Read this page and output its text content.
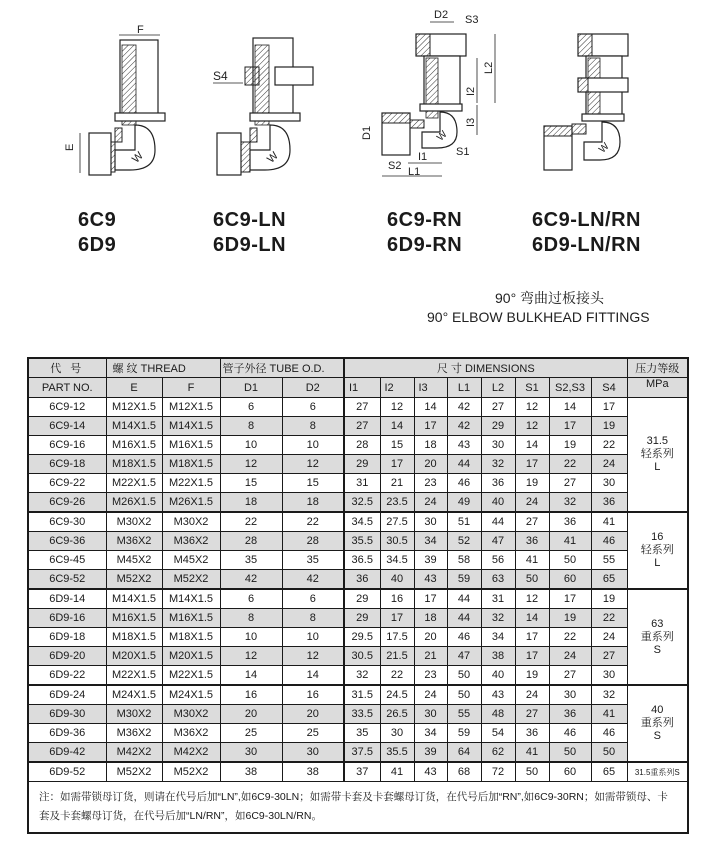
F
W
E
S4
W
D2 S3
L2
I2
I3
W
D1
S1
S2
I1
L1
W
6C9
6D9
6C9-LN
6D9-LN
6C9-RN
6D9-RN
6C9-LN/RN
6D9-LN/RN
90° 弯曲过板接头
90° ELBOW BULKHEAD FITTINGS
代 号	螺 纹 THREAD		管子外径 TUBE O.D.		尺 寸 DIMENSIONS								压力等级
PART NO.	E	F	D1	D2	I1	I2	I3	L1	L2	S1	S2,S3	S4	MPa
6C9-12	M12X1.5	M12X1.5	6	6	27	12	14	42	27	12	14	17	31.5
轻系列
L

6C9-14	M14X1.5	M14X1.5	8	8	27	14	17	42	29	12	17	19	
6C9-16	M16X1.5	M16X1.5	10	10	28	15	18	43	30	14	19	22	
6C9-18	M18X1.5	M18X1.5	12	12	29	17	20	44	32	17	22	24	
6C9-22	M22X1.5	M22X1.5	15	15	31	21	23	46	36	19	27	30	
6C9-26	M26X1.5	M26X1.5	18	18	32.5	23.5	24	49	40	24	32	36	
6C9-30	M30X2	M30X2	22	22	34.5	27.5	30	51	44	27	36	41	16
轻系列
L

6C9-36	M36X2	M36X2	28	28	35.5	30.5	34	52	47	36	41	46	
6C9-45	M45X2	M45X2	35	35	36.5	34.5	39	58	56	41	50	55	
6C9-52	M52X2	M52X2	42	42	36	40	43	59	63	50	60	65	
6D9-14	M14X1.5	M14X1.5	6	6	29	16	17	44	31	12	17	19	63
重系列
S

6D9-16	M16X1.5	M16X1.5	8	8	29	17	18	44	32	14	19	22	
6D9-18	M18X1.5	M18X1.5	10	10	29.5	17.5	20	46	34	17	22	24	
6D9-20	M20X1.5	M20X1.5	12	12	30.5	21.5	21	47	38	17	24	27	
6D9-22	M22X1.5	M22X1.5	14	14	32	22	23	50	40	19	27	30	
6D9-24	M24X1.5	M24X1.5	16	16	31.5	24.5	24	50	43	24	30	32	40
重系列
S

6D9-30	M30X2	M30X2	20	20	33.5	26.5	30	55	48	27	36	41	
6D9-36	M36X2	M36X2	25	25	35	30	34	59	54	36	46	46	
6D9-42	M42X2	M42X2	30	30	37.5	35.5	39	64	62	41	50	50	
6D9-52	M52X2	M52X2	38	38	37	41	43	68	72	50	60	65	31.5重系列S
注：如需带锁母订货，则请在代号后加“LN”,如6C9-30LN；如需带卡套及卡套螺母订货，在代号后加“RN”,如6C9-30RN；如需带锁母、卡套及卡套螺母订货，在代号后加“LN/RN”，如6C9-30LN/RN。													
